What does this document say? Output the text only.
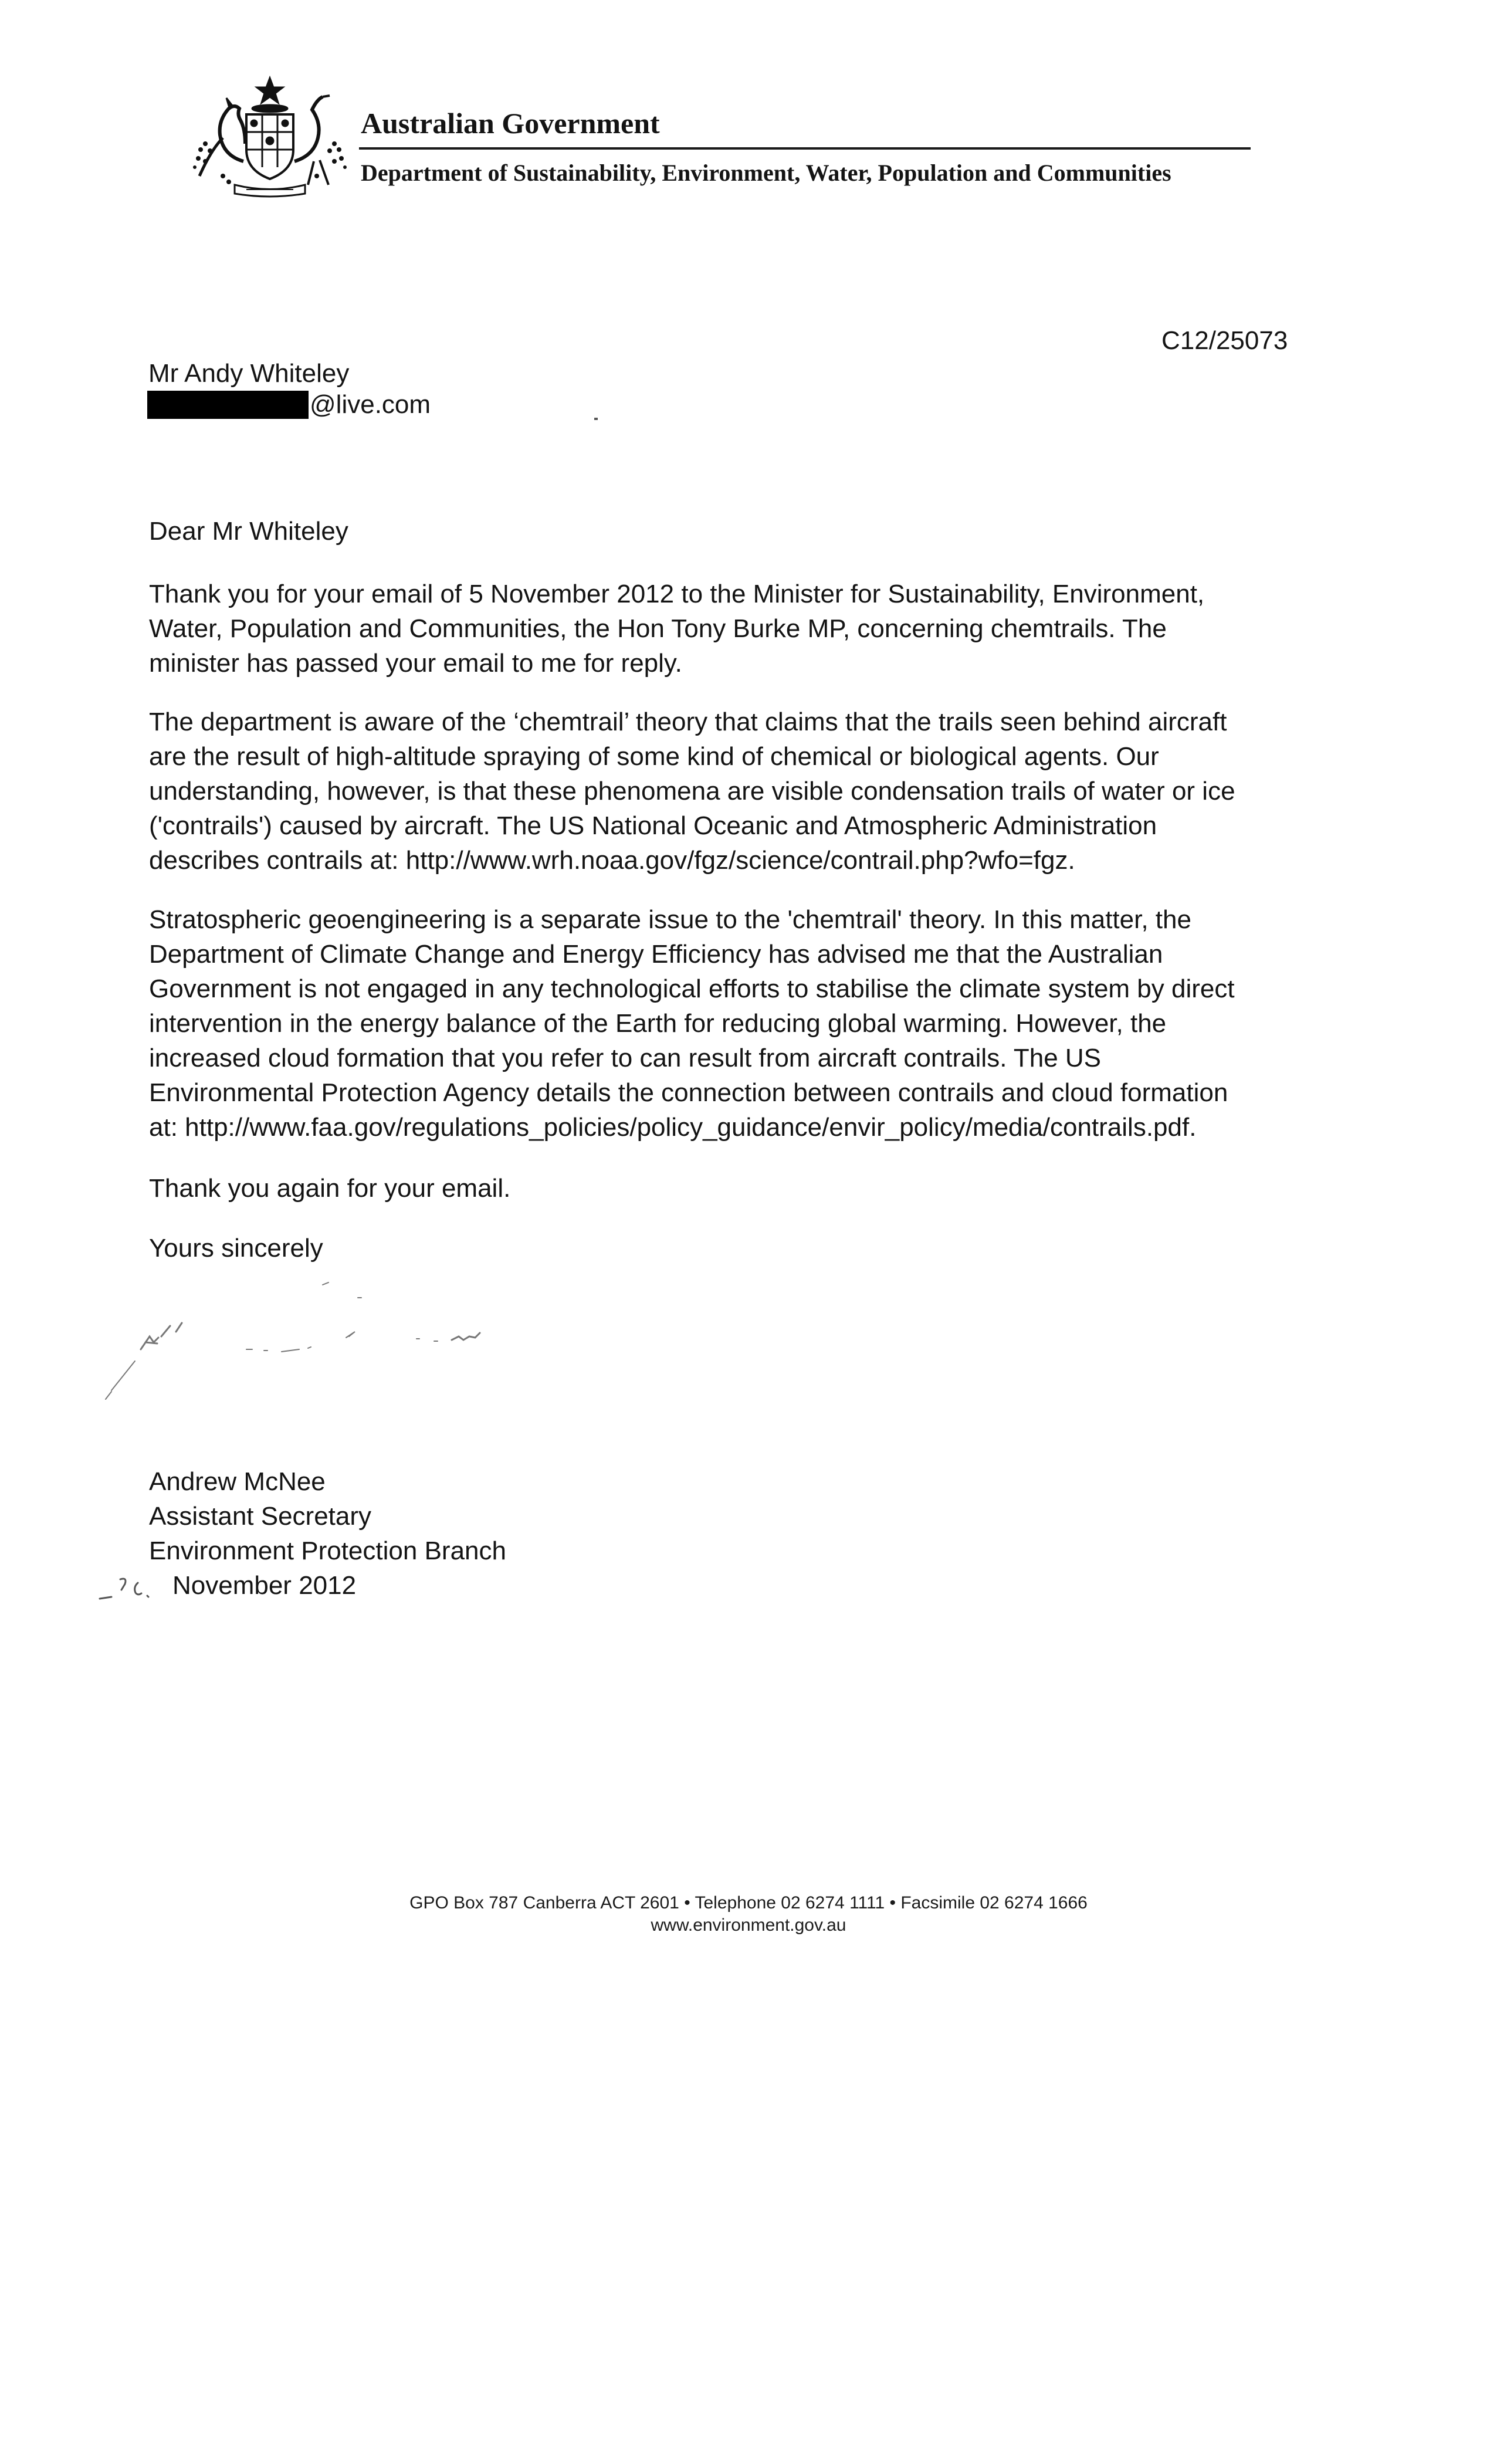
Australian Government
Department of Sustainability, Environment, Water, Population and Communities
C12/25073
Mr Andy Whiteley
@live.com
Dear Mr Whiteley
Thank you for your email of 5 November 2012 to the Minister for Sustainability, Environment,
Water, Population and Communities, the Hon Tony Burke MP, concerning chemtrails. The
minister has passed your email to me for reply.
The department is aware of the ‘chemtrail’ theory that claims that the trails seen behind aircraft
are the result of high-altitude spraying of some kind of chemical or biological agents. Our
understanding, however, is that these phenomena are visible condensation trails of water or ice
('contrails') caused by aircraft. The US National Oceanic and Atmospheric Administration
describes contrails at: http://www.wrh.noaa.gov/fgz/science/contrail.php?wfo=fgz.
Stratospheric geoengineering is a separate issue to the 'chemtrail' theory. In this matter, the
Department of Climate Change and Energy Efficiency has advised me that the Australian
Government is not engaged in any technological efforts to stabilise the climate system by direct
intervention in the energy balance of the Earth for reducing global warming. However, the
increased cloud formation that you refer to can result from aircraft contrails. The US
Environmental Protection Agency details the connection between contrails and cloud formation
at: http://www.faa.gov/regulations_policies/policy_guidance/envir_policy/media/contrails.pdf.
Thank you again for your email.
Yours sincerely
Andrew McNee
Assistant Secretary
Environment Protection Branch
November 2012
GPO Box 787 Canberra ACT 2601 • Telephone 02 6274 1111 • Facsimile 02 6274 1666
www.environment.gov.au
